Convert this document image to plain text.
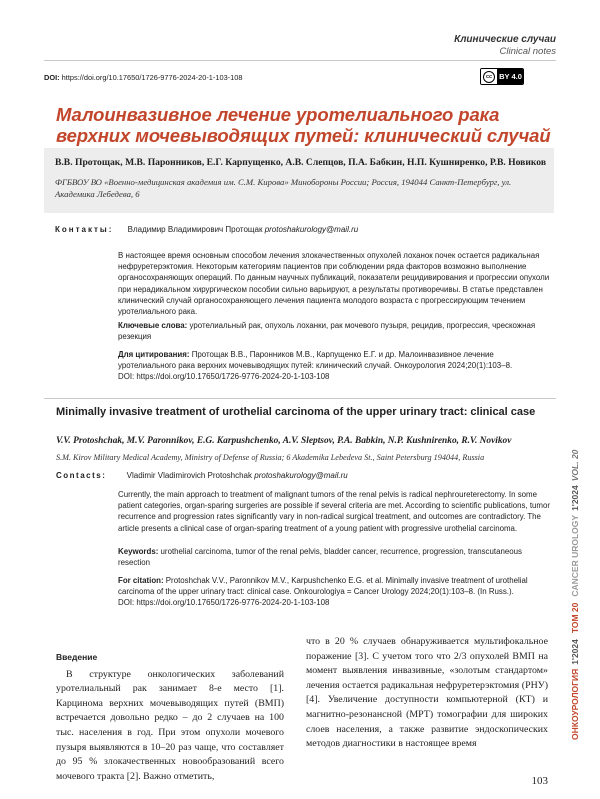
Клинические случаи
Clinical notes
DOI: https://doi.org/10.17650/1726-9776-2024-20-1-103-108	cc BY 4.0
Малоинвазивное лечение уротелиального рака верхних мочевыводящих путей: клинический случай
В.В. Протощак, М.В. Паронников, Е.Г. Карпущенко, А.В. Слепцов, П.А. Бабкин, Н.П. Кушниренко, Р.В. Новиков
ФГБВОУ ВО «Военно-медицинская академия им. С.М. Кирова» Минобороны России; Россия, 194044 Санкт-Петербург, ул. Академика Лебедева, 6
Контакты: Владимир Владимирович Протощак protoshakurology@mail.ru
В настоящее время основным способом лечения злокачественных опухолей лоханок почек остается радикальная нефруретерэктомия. Некоторым категориям пациентов при соблюдении ряда факторов возможно выполнение органосохраняющих операций. По данным научных публикаций, показатели рецидивирования и прогрессии опухоли при нерадикальном хирургическом пособии сильно варьируют, а результаты противоречивы. В статье представлен клинический случай органосохраняющего лечения пациента молодого возраста с прогрессирующим течением уротелиального рака.
Ключевые слова: уротелиальный рак, опухоль лоханки, рак мочевого пузыря, рецидив, прогрессия, чрескожная резекция
Для цитирования: Протощак В.В., Паронников М.В., Карпущенко Е.Г. и др. Малоинвазивное лечение уротелиального рака верхних мочевыводящих путей: клинический случай. Онкоурология 2024;20(1):103–8.
DOI: https://doi.org/10.17650/1726-9776-2024-20-1-103-108
Minimally invasive treatment of urothelial carcinoma of the upper urinary tract: clinical case
V.V. Protoshchak, M.V. Paronnikov, E.G. Karpushchenko, A.V. Sleptsov, P.A. Babkin, N.P. Kushnirenko, R.V. Novikov
S.M. Kirov Military Medical Academy, Ministry of Defense of Russia; 6 Akademika Lebedeva St., Saint Petersburg 194044, Russia
Contacts:	Vladimir Vladimirovich Protoshchak protoshakurology@mail.ru
Currently, the main approach to treatment of malignant tumors of the renal pelvis is radical nephroureterectomy. In some patient categories, organ-sparing surgeries are possible if several criteria are met. According to scientific publications, tumor recurrence and progression rates significantly vary in non-radical surgical treatment, and outcomes are contradictory. The article presents a clinical case of organ-sparing treatment of a young patient with progressive urothelial carcinoma.
Keywords: urothelial carcinoma, tumor of the renal pelvis, bladder cancer, recurrence, progression, transcutaneous resection
For citation: Protoshchak V.V., Paronnikov M.V., Karpushchenko E.G. et al. Minimally invasive treatment of urothelial carcinoma of the upper urinary tract: clinical case. Onkourologiya = Cancer Urology 2024;20(1):103–8. (In Russ.).
DOI: https://doi.org/10.17650/1726-9776-2024-20-1-103-108
ОНКОУРОЛОГИЯ
1'2024
ТОМ 20
CANCER UROLOGY
1'2024
VOL. 20
Введение
В структуре онкологических заболеваний уротелиальный рак занимает 8-е место [1]. Карцинома верхних мочевыводящих путей (ВМП) встречается довольно редко – до 2 случаев на 100 тыс. населения в год. При этом опухоли мочевого пузыря выявляются в 10–20 раз чаще, что составляет до 95 % злокачественных новообразований всего мочевого тракта [2]. Важно отметить,
что в 20 % случаев обнаруживается мультифокальное поражение [3]. С учетом того что 2/3 опухолей ВМП на момент выявления инвазивные, «золотым стандартом» лечения остается радикальная нефруретерэктомия (РНУ) [4]. Увеличение доступности компьютерной (КТ) и магнитно-резонансной (МРТ) томографии для широких слоев населения, а также развитие эндоскопических методов диагностики в настоящее время
103
